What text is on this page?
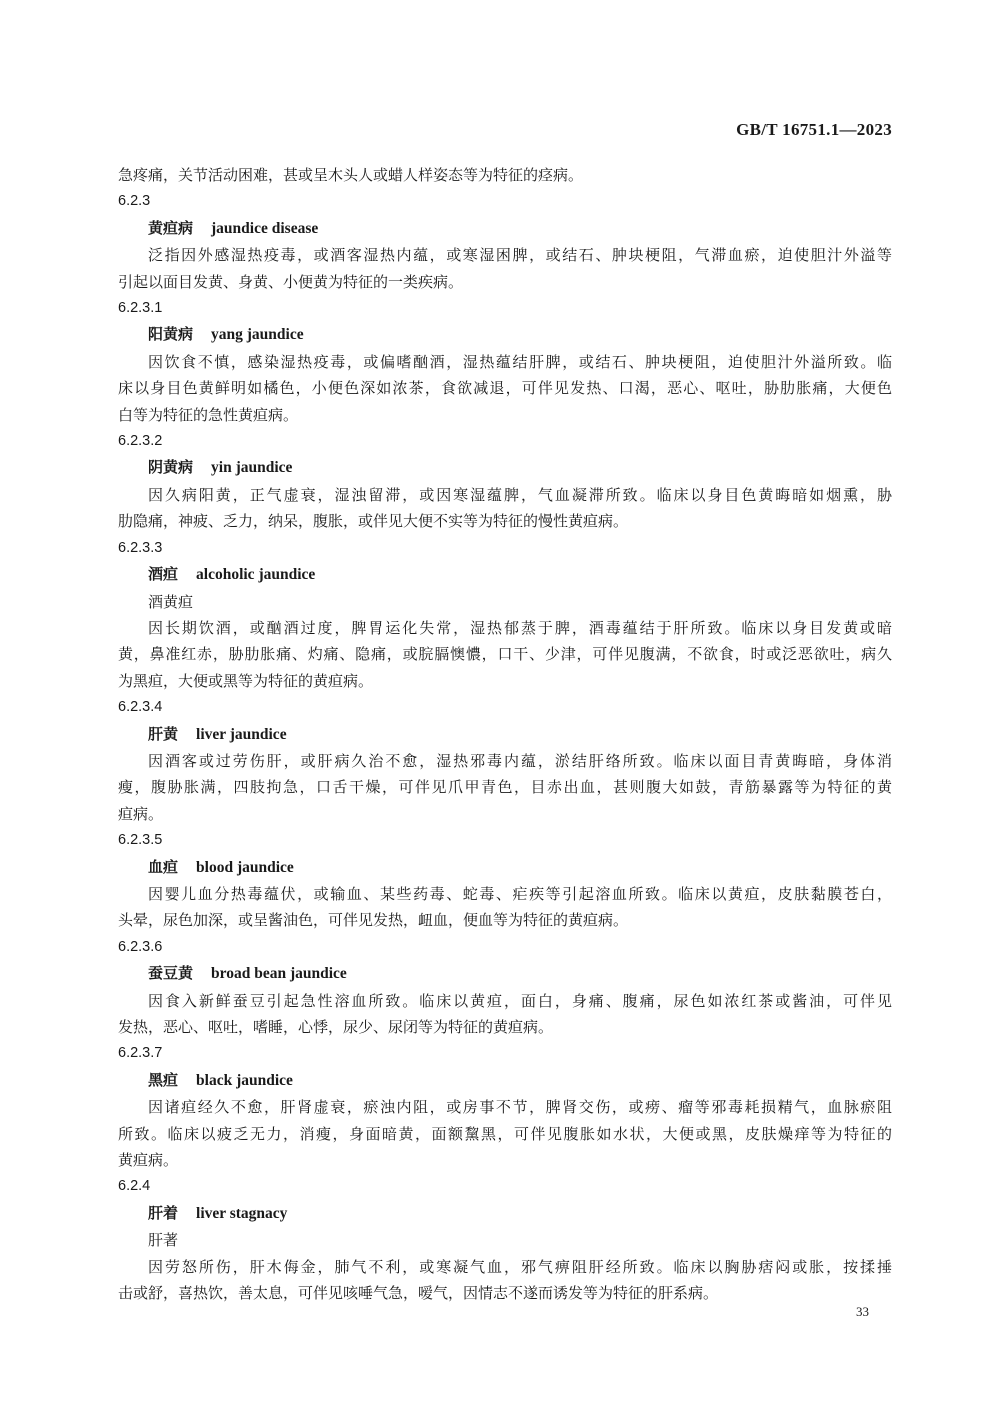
GB/T 16751.1—2023
急疼痛，关节活动困难，甚或呈木头人或蜡人样姿态等为特征的痉病。
6.2.3
黄疸病 jaundice disease
泛指因外感湿热疫毒，或酒客湿热内蕴，或寒湿困脾，或结石、肿块梗阻，气滞血瘀，迫使胆汁外溢等
引起以面目发黄、身黄、小便黄为特征的一类疾病。
6.2.3.1
阳黄病 yang jaundice
因饮食不慎，感染湿热疫毒，或偏嗜酗酒，湿热蕴结肝脾，或结石、肿块梗阻，迫使胆汁外溢所致。临
床以身目色黄鲜明如橘色，小便色深如浓茶，食欲减退，可伴见发热、口渴，恶心、呕吐，胁肋胀痛，大便色
白等为特征的急性黄疸病。
6.2.3.2
阴黄病 yin jaundice
因久病阳黄，正气虚衰，湿浊留滞，或因寒湿蕴脾，气血凝滞所致。临床以身目色黄晦暗如烟熏，胁
肋隐痛，神疲、乏力，纳呆，腹胀，或伴见大便不实等为特征的慢性黄疸病。
6.2.3.3
酒疸 alcoholic jaundice
酒黄疸
因长期饮酒，或酗酒过度，脾胃运化失常，湿热郁蒸于脾，酒毒蕴结于肝所致。临床以身目发黄或暗
黄，鼻准红赤，胁肋胀痛、灼痛、隐痛，或脘膈懊憹，口干、少津，可伴见腹满，不欲食，时或泛恶欲吐，病久
为黑疸，大便或黑等为特征的黄疸病。
6.2.3.4
肝黄 liver jaundice
因酒客或过劳伤肝，或肝病久治不愈，湿热邪毒内蕴，淤结肝络所致。临床以面目青黄晦暗，身体消
瘦，腹胁胀满，四肢拘急，口舌干燥，可伴见爪甲青色，目赤出血，甚则腹大如鼓，青筋暴露等为特征的黄
疸病。
6.2.3.5
血疸 blood jaundice
因婴儿血分热毒蕴伏，或输血、某些药毒、蛇毒、疟疾等引起溶血所致。临床以黄疸，皮肤黏膜苍白，
头晕，尿色加深，或呈酱油色，可伴见发热，衄血，便血等为特征的黄疸病。
6.2.3.6
蚕豆黄 broad bean jaundice
因食入新鲜蚕豆引起急性溶血所致。临床以黄疸，面白，身痛、腹痛，尿色如浓红茶或酱油，可伴见
发热，恶心、呕吐，嗜睡，心悸，尿少、尿闭等为特征的黄疸病。
6.2.3.7
黑疸 black jaundice
因诸疸经久不愈，肝肾虚衰，瘀浊内阻，或房事不节，脾肾交伤，或痨、瘤等邪毒耗损精气，血脉瘀阻
所致。临床以疲乏无力，消瘦，身面暗黄，面额黧黑，可伴见腹胀如水状，大便或黑，皮肤燥痒等为特征的
黄疸病。
6.2.4
肝着 liver stagnacy
肝著
因劳怒所伤，肝木侮金，肺气不利，或寒凝气血，邪气痹阻肝经所致。临床以胸胁痞闷或胀，按揉捶
击或舒，喜热饮，善太息，可伴见咳唾气急，嗳气，因情志不遂而诱发等为特征的肝系病。
33
